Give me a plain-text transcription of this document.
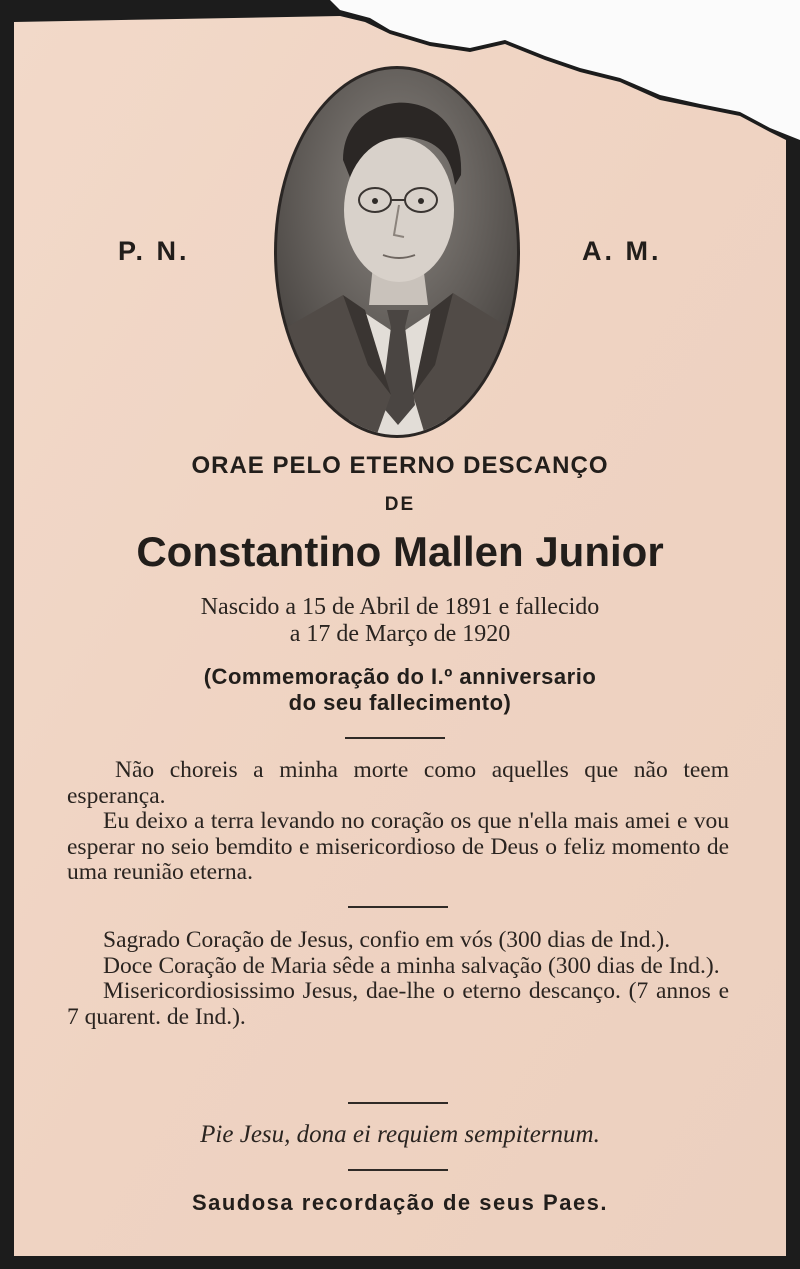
P. N.	A. M.
ORAE PELO ETERNO DESCANÇO
DE
Constantino Mallen Junior
Nascido a 15 de Abril de 1891 e fallecido
a 17 de Março de 1920
(Commemoração do I.º anniversario
do seu fallecimento)

Não choreis a minha morte como aquelles que não teem esperança.

Eu deixo a terra levando no coração os que n'ella mais amei e vou esperar no seio bemdito e misericordioso de Deus o feliz momento de uma reunião eterna.

Sagrado Coração de Jesus, confio em vós (300 dias de Ind.).

Doce Coração de Maria sêde a minha salvação (300 dias de Ind.).

Misericordiosissimo Jesus, dae-lhe o eterno descanço. (7 annos e 7 quarent. de Ind.).

Pie Jesu, dona ei requiem sempiternum.
Saudosa recordação de seus Paes.
